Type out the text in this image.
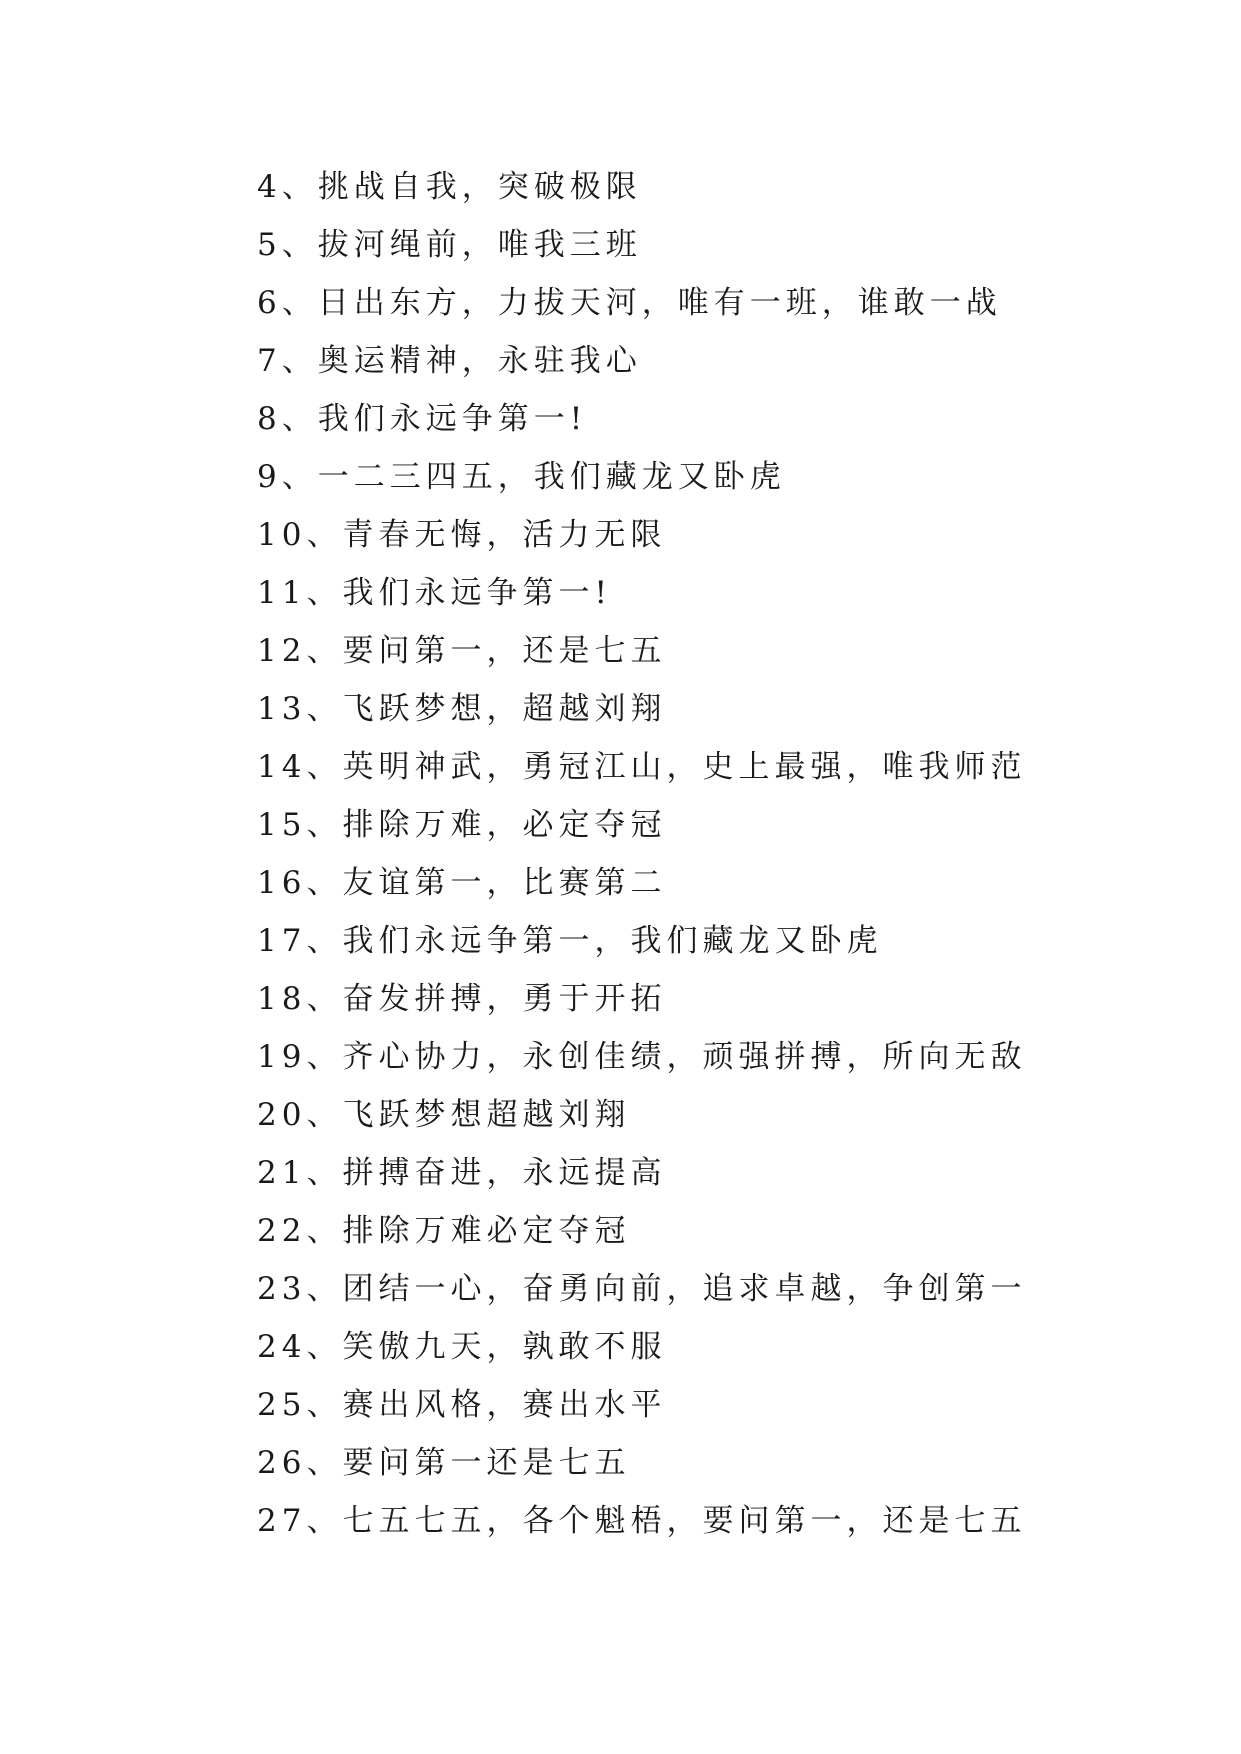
4、挑战自我，突破极限
5、拔河绳前，唯我三班
6、日出东方，力拔天河，唯有一班，谁敢一战
7、奥运精神，永驻我心
8、我们永远争第一!
9、一二三四五，我们藏龙又卧虎
10、青春无悔，活力无限
11、我们永远争第一!
12、要问第一，还是七五
13、飞跃梦想，超越刘翔
14、英明神武，勇冠江山，史上最强，唯我师范
15、排除万难，必定夺冠
16、友谊第一，比赛第二
17、我们永远争第一，我们藏龙又卧虎
18、奋发拼搏，勇于开拓
19、齐心协力，永创佳绩，顽强拼搏，所向无敌
20、飞跃梦想超越刘翔
21、拼搏奋进，永远提高
22、排除万难必定夺冠
23、团结一心，奋勇向前，追求卓越，争创第一
24、笑傲九天，孰敢不服
25、赛出风格，赛出水平
26、要问第一还是七五
27、七五七五，各个魁梧，要问第一，还是七五
